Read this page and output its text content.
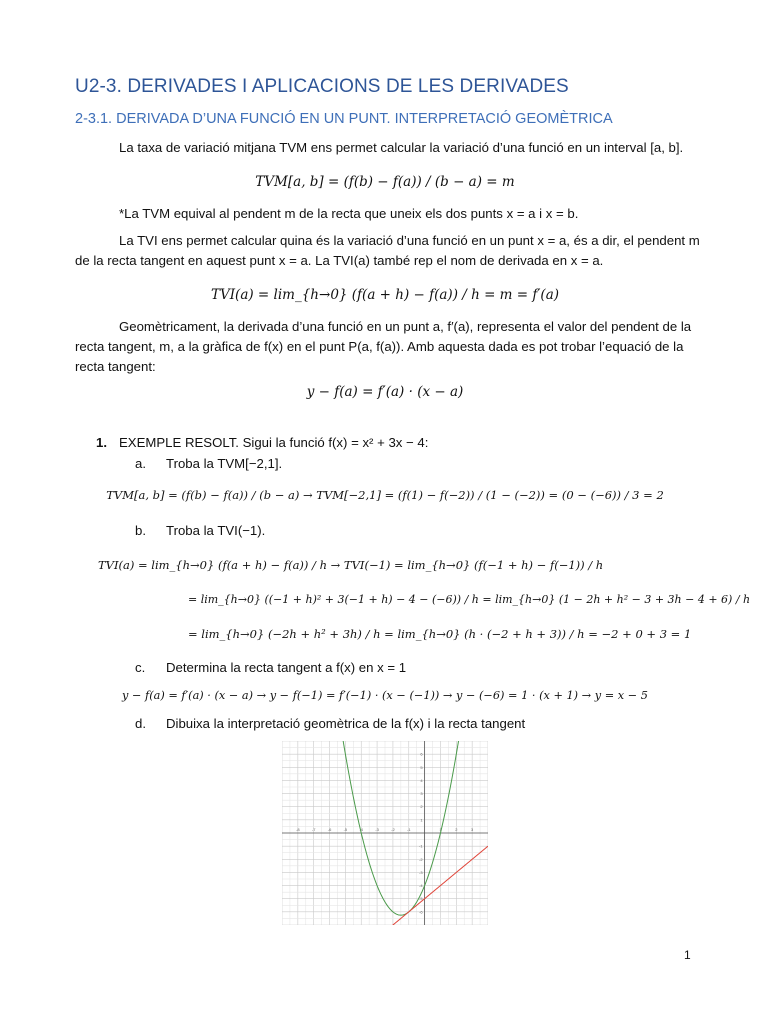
U2-3. DERIVADES I APLICACIONS DE LES DERIVADES
2-3.1. DERIVADA D’UNA FUNCIÓ EN UN PUNT. INTERPRETACIÓ GEOMÈTRICA
La taxa de variació mitjana TVM ens permet calcular la variació d’una funció en un interval [a, b].
TVM[a, b] = (f(b) − f(a)) / (b − a) = m
*La TVM equival al pendent m de la recta que uneix els dos punts x = a i x = b.
La TVI ens permet calcular quina és la variació d’una funció en un punt x = a, és a dir, el pendent m
de la recta tangent en aquest punt x = a. La TVI(a) també rep el nom de derivada en x = a.
TVI(a) = lim_{h→0} (f(a + h) − f(a)) / h = m = f′(a)
Geomètricament, la derivada d’una funció en un punt a, f′(a), representa el valor del pendent de la
recta tangent, m, a la gràfica de f(x) en el punt P(a, f(a)). Amb aquesta dada es pot trobar l’equació de la
recta tangent:
y − f(a) = f′(a) · (x − a)
1. EXEMPLE RESOLT. Sigui la funció f(x) = x² + 3x − 4:
a. Troba la TVM[−2,1].
TVM[a, b] = (f(b) − f(a)) / (b − a) → TVM[−2,1] = (f(1) − f(−2)) / (1 − (−2)) = (0 − (−6)) / 3 = 2
b. Troba la TVI(−1).
TVI(a) = lim_{h→0} (f(a + h) − f(a)) / h → TVI(−1) = lim_{h→0} (f(−1 + h) − f(−1)) / h
= lim_{h→0} ((−1 + h)² + 3(−1 + h) − 4 − (−6)) / h = lim_{h→0} (1 − 2h + h² − 3 + 3h − 4 + 6) / h
= lim_{h→0} (−2h + h² + 3h) / h = lim_{h→0} (h · (−2 + h + 3)) / h = −2 + 0 + 3 = 1
c. Determina la recta tangent a f(x) en x = 1
y − f(a) = f′(a) · (x − a) → y − f(−1) = f′(−1) · (x − (−1)) → y − (−6) = 1 · (x + 1) → y = x − 5
d. Dibuixa la interpretació geomètrica de la f(x) i la recta tangent
-8	-7	-6	-5	-4	-3	-2	-1	1	2	3
6
5
4
3
2
1
-1
-2
-3
-4
-5
-6
1
